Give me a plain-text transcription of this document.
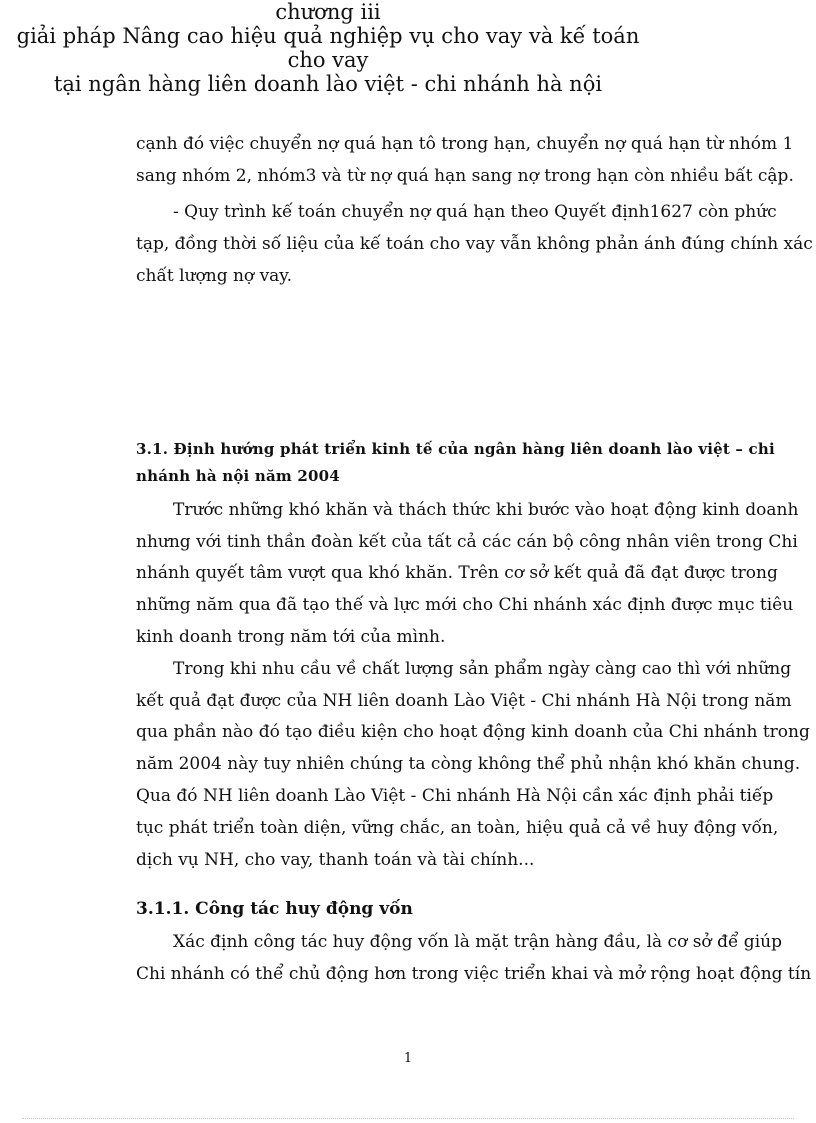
cạnh đó việc chuyển nợ quá hạn tô trong hạn, chuyển nợ quá hạn từ nhóm 1
sang nhóm 2, nhóm3 và từ nợ quá hạn sang nợ trong hạn còn nhiều bất cập.
- Quy trình kế toán chuyển nợ quá hạn theo Quyết định1627 còn phức
tạp, đồng thời số liệu của kế toán cho vay vẫn không phản ánh đúng chính xác
chất lượng nợ vay.
chương iii
giải pháp Nâng cao hiệu quả nghiệp vụ cho vay và kế toán cho vay
tại ngân hàng liên doanh lào việt - chi nhánh hà nội
3.1. Định hướng phát triển kinh tế của ngân hàng liên doanh lào việt – chi
nhánh hà nội năm 2004
Trước những khó khăn và thách thức khi bước vào hoạt động kinh doanh
nhưng với tinh thần đoàn kết của tất cả các cán bộ công nhân viên trong Chi
nhánh quyết tâm vượt qua khó khăn. Trên cơ sở kết quả đã đạt được trong
những năm qua đã tạo thế và lực mới cho Chi nhánh xác định được mục tiêu
kinh doanh trong năm tới của mình.
Trong khi nhu cầu về chất lượng sản phẩm ngày càng cao thì với những
kết quả đạt được của NH liên doanh Lào Việt - Chi nhánh Hà Nội trong năm
qua phần nào đó tạo điều kiện cho hoạt động kinh doanh của Chi nhánh trong
năm 2004 này tuy nhiên chúng ta còng không thể phủ nhận khó khăn chung.
Qua đó NH liên doanh Lào Việt - Chi nhánh Hà Nội cần xác định phải tiếp
tục phát triển toàn diện, vững chắc, an toàn, hiệu quả cả về huy động vốn,
dịch vụ NH, cho vay, thanh toán và tài chính...
3.1.1. Công tác huy động vốn
Xác định công tác huy động vốn là mặt trận hàng đầu, là cơ sở để giúp
Chi nhánh có thể chủ động hơn trong việc triển khai và mở rộng hoạt động tín
1
